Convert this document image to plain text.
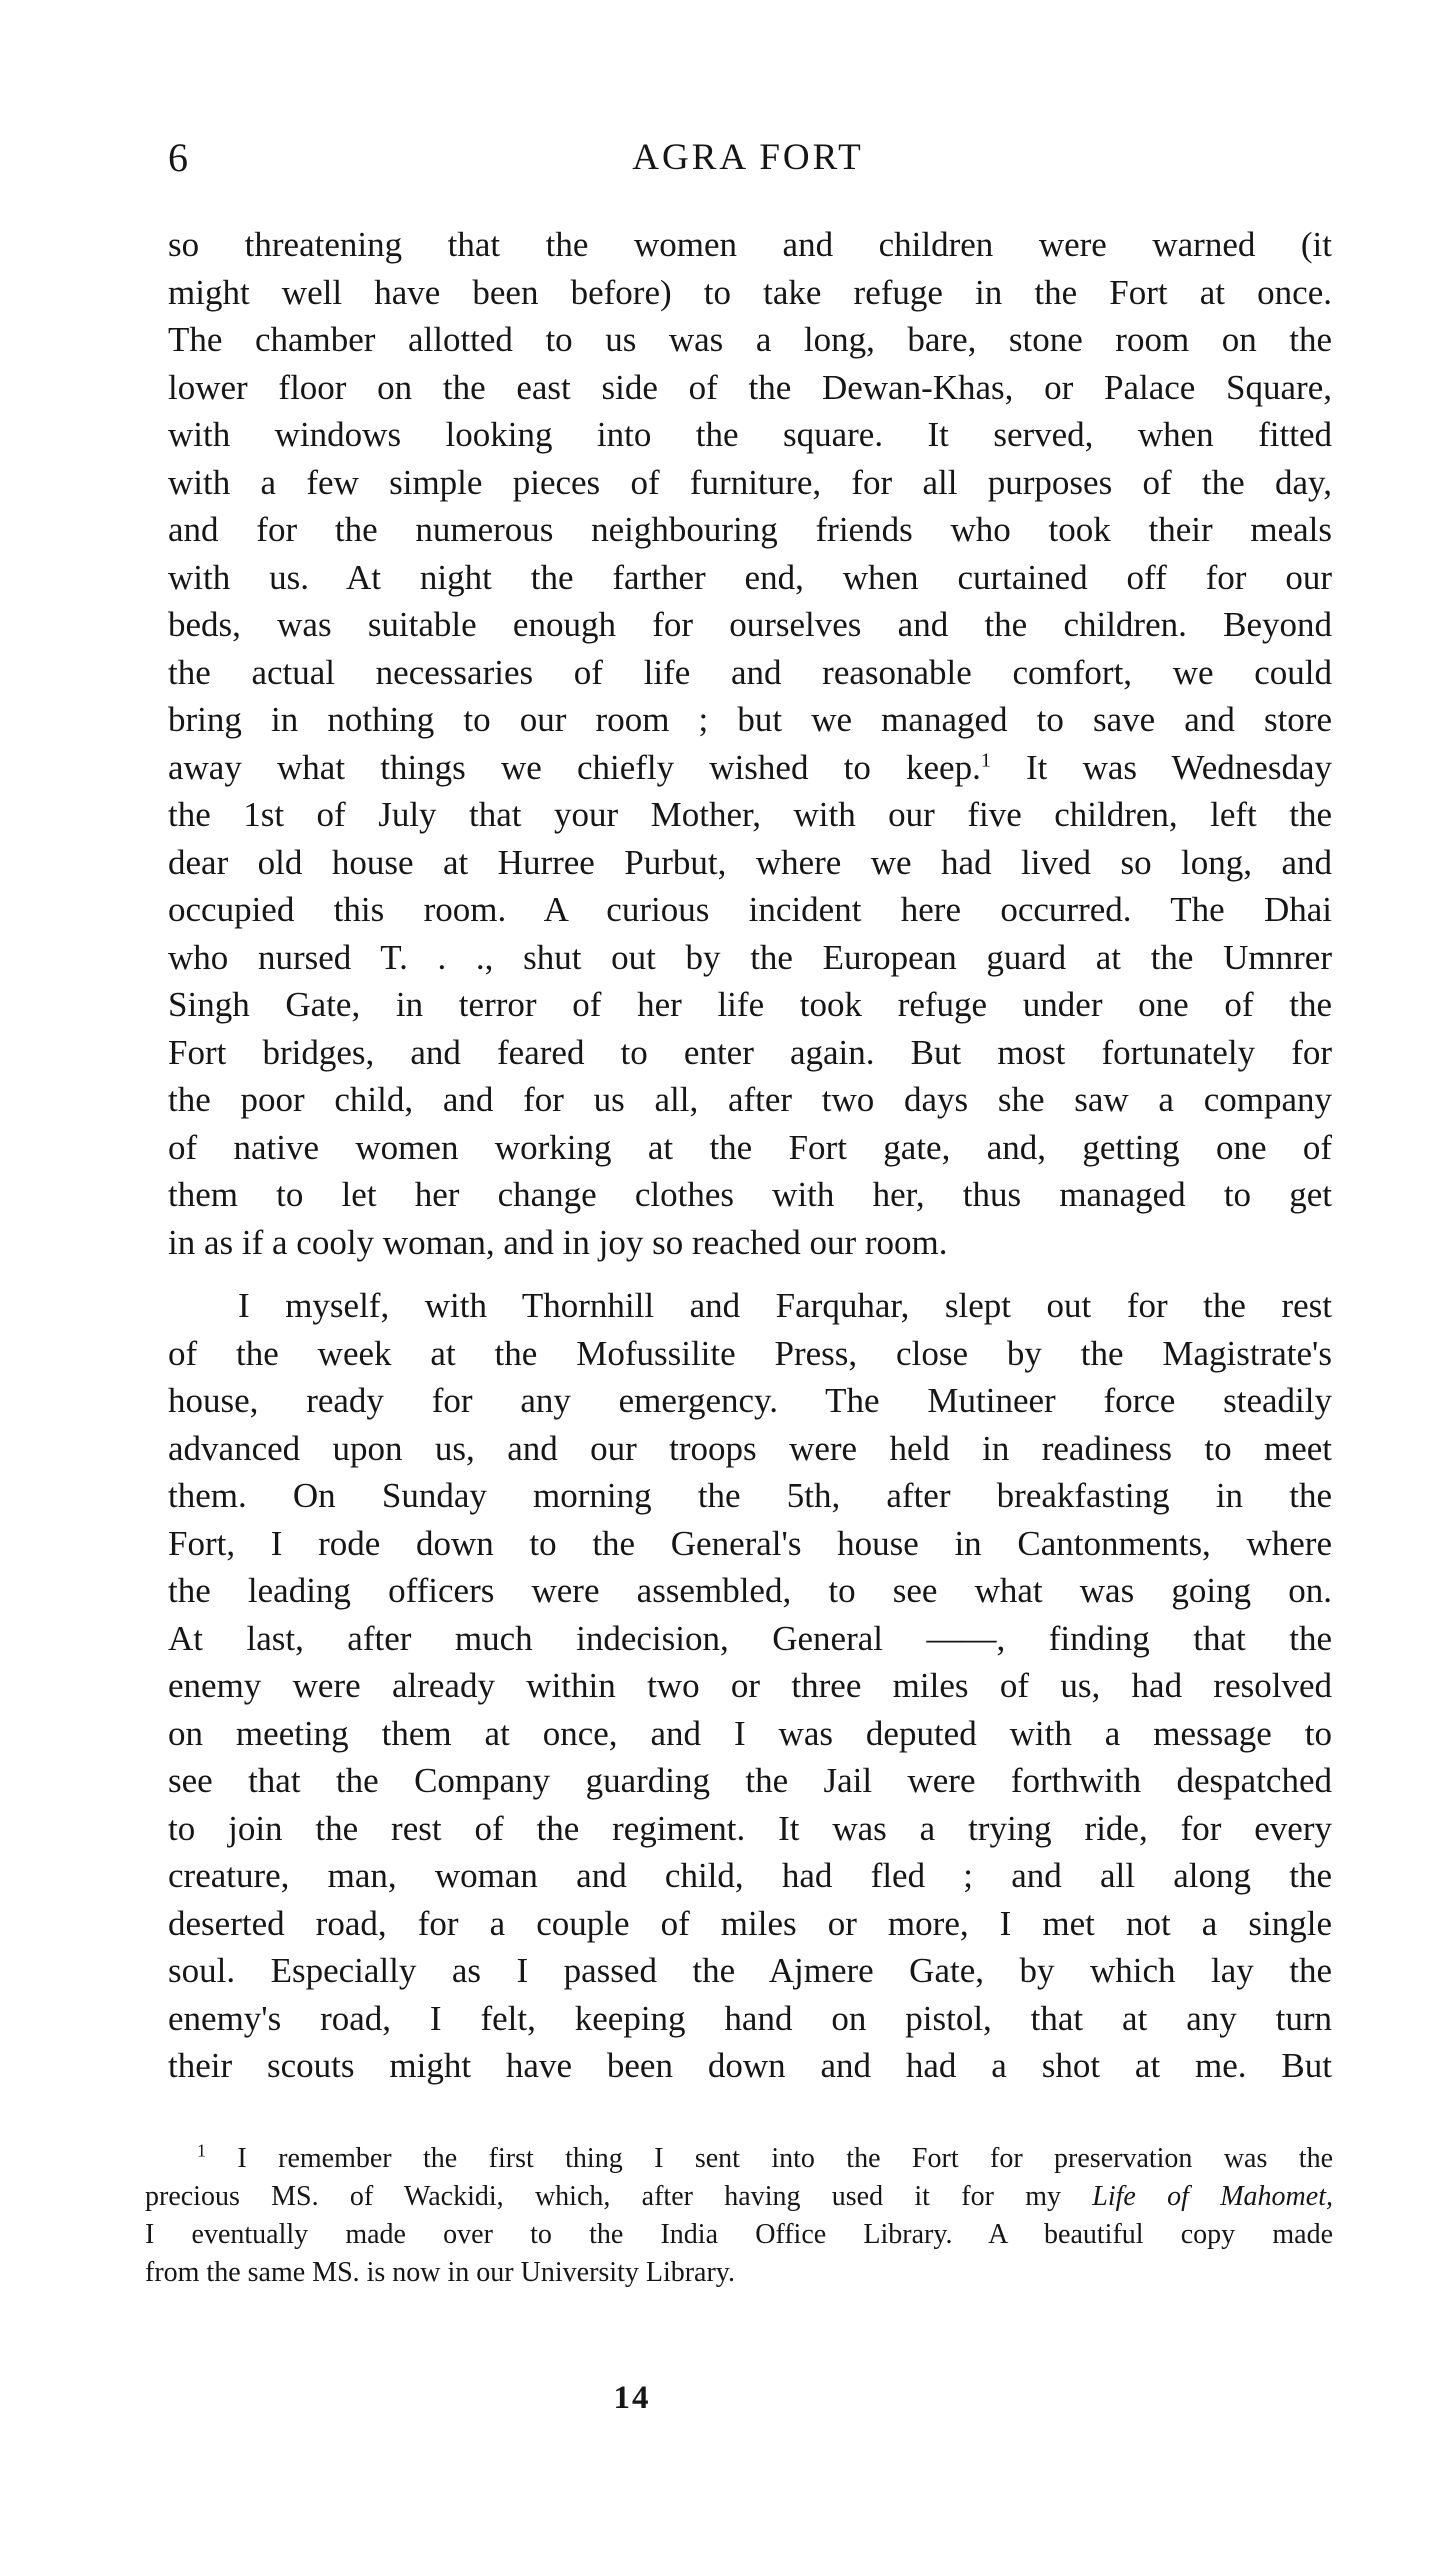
6	AGRA FORT
so threatening that the women and children were warned (it
might well have been before) to take refuge in the Fort at once.
The chamber allotted to us was a long, bare, stone room on the
lower floor on the east side of the Dewan-Khas, or Palace Square,
with windows looking into the square. It served, when fitted
with a few simple pieces of furniture, for all purposes of the day,
and for the numerous neighbouring friends who took their meals
with us. At night the farther end, when curtained off for our
beds, was suitable enough for ourselves and the children. Beyond
the actual necessaries of life and reasonable comfort, we could
bring in nothing to our room ; but we managed to save and store
away what things we chiefly wished to keep.$^1$ It was Wednesday
the 1st of July that your Mother, with our five children, left the
dear old house at Hurree Purbut, where we had lived so long, and
occupied this room. A curious incident here occurred. The Dhai
who nursed T. . ., shut out by the European guard at the Umnrer
Singh Gate, in terror of her life took refuge under one of the
Fort bridges, and feared to enter again. But most fortunately for
the poor child, and for us all, after two days she saw a company
of native women working at the Fort gate, and, getting one of
them to let her change clothes with her, thus managed to get
in as if a cooly woman, and in joy so reached our room.
I myself, with Thornhill and Farquhar, slept out for the rest
of the week at the Mofussilite Press, close by the Magistrate's
house, ready for any emergency. The Mutineer force steadily
advanced upon us, and our troops were held in readiness to meet
them. On Sunday morning the 5th, after breakfasting in the
Fort, I rode down to the General's house in Cantonments, where
the leading officers were assembled, to see what was going on.
At last, after much indecision, General ——, finding that the
enemy were already within two or three miles of us, had resolved
on meeting them at once, and I was deputed with a message to
see that the Company guarding the Jail were forthwith despatched
to join the rest of the regiment. It was a trying ride, for every
creature, man, woman and child, had fled ; and all along the
deserted road, for a couple of miles or more, I met not a single
soul. Especially as I passed the Ajmere Gate, by which lay the
enemy's road, I felt, keeping hand on pistol, that at any turn
their scouts might have been down and had a shot at me. But
$^1$ I remember the first thing I sent into the Fort for preservation was the
precious MS. of Wackidi, which, after having used it for my Life of Mahomet,
I eventually made over to the India Office Library. A beautiful copy made
from the same MS. is now in our University Library.
14
